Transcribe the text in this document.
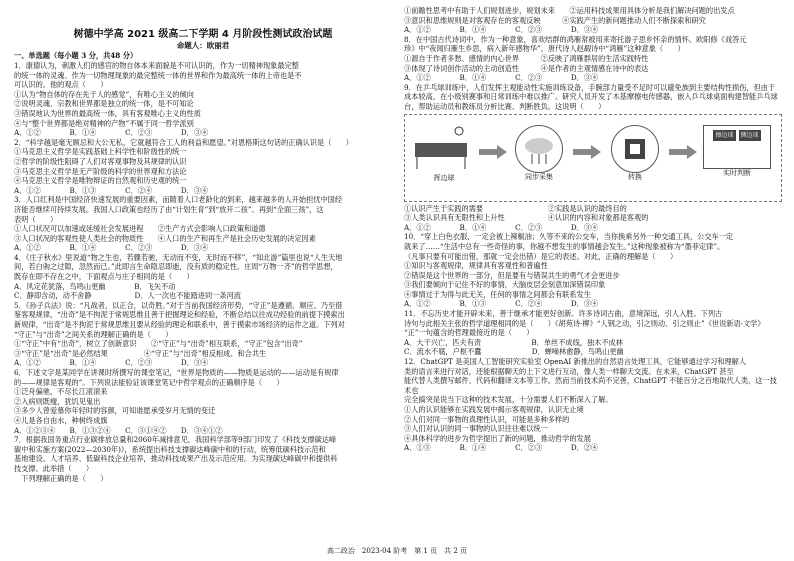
树德中学高 2021 级高二下学期 4 月阶段性测试政治试题
命题人：欧丽君
一、单选题（每小题 3 分，共48 分）
1．康德认为，刺激人们的感官的物自体本来面貌是不可认识的，作为一切精神现象最完整
的统一体的灵魂、作为一切物理现象的最完整统一体的世界和作为最高统一体的上帝也是不
可认识的。他的观点（　　）
①认为“物自体的存在先于人的感觉”，有唯心主义的倾向
②说明灵魂、宗教和世界都是独立的统一体，是不可知论
③错误地认为世界的最高统一体，具有客观唯心主义的性质
④与“整个世界都是绝对精神的产物”不属于同一哲学派别
A．①②　　　　B．①④　　　　C．②③　　　　D．③④
2．“科学越是毫无顾忌和大公无私，它就越符合工人的利益和愿望。”对恩格斯这句话的正确认识是（　　）
①马克思主义哲学是实践基础上科学性和阶级性的统一
②哲学的阶级性阻碍了人们对客观事物及其规律的认识
③马克思主义哲学是无产阶级的科学的世界观和方法论
④马克思主义哲学是唯物辩证的自然观和历史观的统一
A．①②　　　　B．①③　　　　C．②④　　　　D．③④
3．人口红利是中国经济快速发展的重要因素，而随着人口老龄化的到来，越来越多的人开始担忧中国经
济能否继续可持续发展。我国人口政策也经历了由“计划生育”到“放开二孩”、再到“全面三孩”，这
表明（　　）
①人口状况可以加速或延缓社会发展进程　　②生产方式会影响人口政策和道德
③人口状况的客观性使人类社会的物质性　　④人口的生产和再生产是社会历史发展的决定因素
A．①②　　　　B．①④　　　　C．②③　　　　D．③④
4．《庄子秋水》里说道“物之生也，若骤若驰，无动而不变，无时而不移”，“知北游”篇里也说“人生天地
间，若白驹之过隙，忽然而已。”此即言生命隐忍即逝，没有质的稳定性。庄周“万物一齐”的哲学思想，
既存在即不存在之中，下面观点与庄子相同的是（　　）
A．风定花犹落，鸟鸣山更幽　　　　B．飞矢不动
C．静即含动，动不舍静　　　　　　D．人一次也不能踏进同一条河流
5．《孙子兵法》说：“凡战者，以正合，以奇胜。”对于当前我国经济形势，“守正”是遵循、顺应、乃至借
鉴客观规律，“出奇”是不拘泥于常规思维且善于把握理论和经验，不断总结以往成功经验的前提下摸索出
新规律，“出奇”是不拘泥于常规思维且要从经验的理论和联系中，善于摸索市场经济的运作之道。下列对
“守正”与“出奇”之间关系的理解正确的是（　　）
①“守正”中有“出奇”，树立了创新意识　　②“守正”与“出奇”相互联系，“守正”包含“出奇”
③“守正”是“出奇”是必然结果　　　　　④“守正”与“出奇”相反相成、和合共生
A．①②　　　　B．①④　　　　C．②③　　　　D．③④
6．下述文字是某同学在讲课时所撰写的课堂笔记，“世界是物质的——物质是运动的——运动是有规律
的——规律是客观的”。下列说法能验证该课堂笔记中哲学观点的正确顺序是（　　）
①泛舟偏驰，不尽长江滚滚来
②入病则既瘦，犹饥见鬼出
③多少人曾爱慕你年轻时的容颜，可知谁愿承受岁月无情的变迁
④儿是各自由水，种树终成旗
A．①②③④　　B．①③②④　　C．③①④②　　D．③④①②
7．根据我国务重点行业碳排放总量和2060年减排意见，我国科学部等9部门印发了《科技支撑碳达峰
碳中和实施方案(2022—2030年)》，系统提出科技支撑碳达峰碳中和的行动，统筹低碳科技示范和
基地建设、人才培养、低碳科技企业培养，推动科技成果产出及示范应用。为实现碳达峰碳中和提供科
技支撑。此举措（　　）
　下列理解正确的是（　　）
①前瞻性思考中有助于人们规划进步，规划未来　　②运用科技成果用具体分析是我们解决问题的出发点
③意识和思维规则是对客观存在的客观反映　　　④实践产生的新问题推动人们不断探索和研究
A．①②　　　　B．①④　　　　C．②③　　　　D．③④
8．在中国古代诗词中，作为一种意象，喜欢结群的鸿雁常被用来寄托游子思乡怀亲的情怀。欧阳修《戏答元
珍》中“夜闻归雁生乡思，病入新年感物华”，唐代诗人赵嘏诗中“鸿雁”这种意象（　　）
①源自于作者多愁、感情的内心世界　　　②反映了鸿雁群居的生活实践特性
③体现了诗词创作活动的主动创造性　　　④是作者的主观情感在诗中的表达
A．①②　　　　B．①④　　　　C．②③　　　　D．③④
9．在乒乓球训练中，人们发挥主观能动性实施训练设备，手腕部力量受不足时可以避免族到主要结构性损伤，但由于成本较高，在小级别赛事和日常训练中难以推广。研究人员开发了木基摩擦电传感器，嵌入乒乓球桌面构建智能乒乓球台，帮助运动员和教练员分析比赛、判断胜负。这说明（　　）
挥边球	同步采集	转换
擦边球	侧边球
实时判断
①认识产生于实践的需要　　　　　　　　　②实践是认识的最终目的
③人类认识具有无限性和上升性　　　　　　④认识的内容和对象都是客观的
A．①②　　　　B．①④　　　　C．②③　　　　D．③④
10．“穿上白色衣服，一定会被上辣椒油；久等不来的公交车，当你换乘另外一种交通工具，公交车一定
就来了……“生活中总有一些奇怪的事，你越不想发生的事情越会发生。”这种现象被称为“墨菲定律”。
（凡事只要有可能出错，那就一定会出错）是它的表述。对此，正确的理解是（　　）
①知识与客观规律，规律具有客观性和普遍性
②错误是这个世界的一部分，但是要有与错误共生的勇气才会更进步
③我们要倾向于记住不好的事情，大脑皮层会刻意加深错误印象
④事情过于为得与此无关，任何的事情之间都会有联系发生
A．①②　　　　B．①③　　　　C．②④　　　　D．③④
11．不忘历史才能开辟未来，善于继承才能更好创新。许多诗词古曲，意境深远，引人入胜。下列古
诗句与此相关主张的哲学道理相同的是（　　）《胡苑诗·柳》“人钢之动，引之则动、引之则止”《世说新语·文学》
“正”一句蕴含的哲理最接近的是（　　）
A．大干兴亡，匹夫有责　　　　　　　B．单丝不成线，独木不成林
C．流水不腐，户枢不蠹　　　　　　　D．蝉噪林愈静，鸟鸣山更幽
12．ChatGPT 是美国人工智能研究实验室 OpenAI 新推出的自然语言处理工具，它能够通过学习和理解人
类的语言来进行对话，还能根据聊天的上下文进行互动，像人类一样聊天交流。在未来，ChatGPT 甚至
能代替人类撰写邮件、代码和翻译文本等工作。然而当前技术尚不完善，ChatGPT 不能百分之百地取代人类，这一技术也
完全搞突是说当下这种的技术发展，十分需要人们不断深入了解。
①人的认识能够在实践发展中揭示客观规律，认识无止境
②人们对同一事物的真理性认识，可能是多种多样的
③人们对认识的同一事物的认识往往难以统一
④具体科学的进步为哲学提出了新的问题，推动哲学的发展
A．①③　　　　B．①④　　　　C．②③　　　　D．②④
高二政治　2023-04 阶考　第 1 页　共 2 页
